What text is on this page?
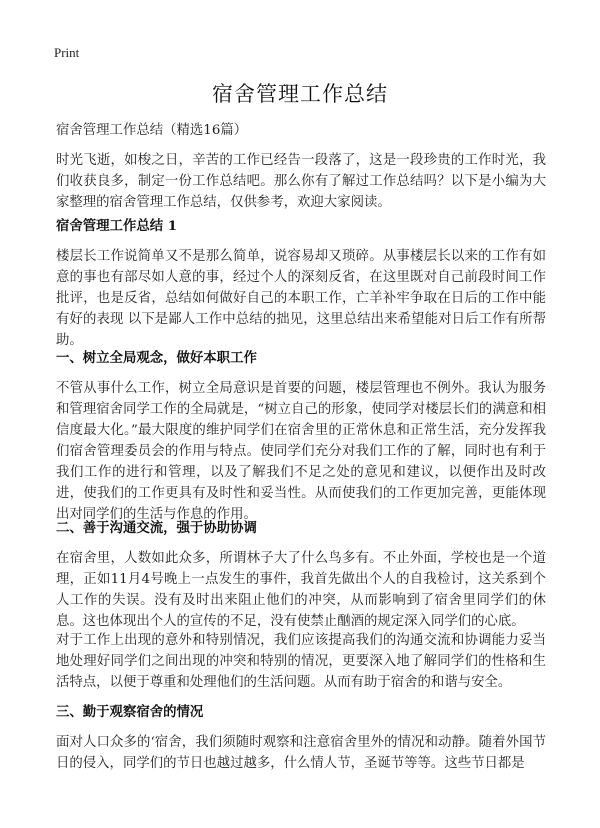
Print
宿舍管理工作总结
宿舍管理工作总结（精选16篇）
时光飞逝，如梭之日，辛苦的工作已经告一段落了，这是一段珍贵的工作时光，我们收获良多，制定一份工作总结吧。那么你有了解过工作总结吗？以下是小编为大家整理的宿舍管理工作总结，仅供参考，欢迎大家阅读。
宿舍管理工作总结 1
楼层长工作说简单又不是那么简单，说容易却又琐碎。从事楼层长以来的工作有如意的事也有部尽如人意的事，经过个人的深刻反省，在这里既对自己前段时间工作批评，也是反省，总结如何做好自己的本职工作，亡羊补牢争取在日后的工作中能有好的表现 以下是鄙人工作中总结的拙见，这里总结出来希望能对日后工作有所帮助。
一、树立全局观念，做好本职工作
不管从事什么工作，树立全局意识是首要的问题，楼层管理也不例外。我认为服务和管理宿舍同学工作的全局就是，“树立自己的形象，使同学对楼层长们的满意和相信度最大化。”最大限度的维护同学们在宿舍里的正常休息和正常生活，充分发挥我们宿舍管理委员会的作用与特点。使同学们充分对我们工作的了解，同时也有利于我们工作的进行和管理，以及了解我们不足之处的意见和建议，以便作出及时改进，使我们的工作更具有及时性和妥当性。从而使我们的工作更加完善，更能体现出对同学们的生活与作息的作用。
二、善于沟通交流，强于协助协调
在宿舍里，人数如此众多，所谓林子大了什么鸟多有。不止外面，学校也是一个道理，正如11月4号晚上一点发生的事件，我首先做出个人的自我检讨，这关系到个人工作的失误。没有及时出来阻止他们的冲突，从而影响到了宿舍里同学们的休息。这也体现出个人的宣传的不足，没有使禁止酗酒的规定深入同学们的心底。
对于工作上出现的意外和特别情况，我们应该提高我们的沟通交流和协调能力妥当地处理好同学们之间出现的冲突和特别的情况，更要深入地了解同学们的性格和生活特点，以便于尊重和处理他们的生活问题。从而有助于宿舍的和谐与安全。
三、勤于观察宿舍的情况
面对人口众多的‘宿舍，我们须随时观察和注意宿舍里外的情况和动静。随着外国节日的侵入，同学们的节日也越过越多，什么情人节，圣诞节等等。这些节日都是
